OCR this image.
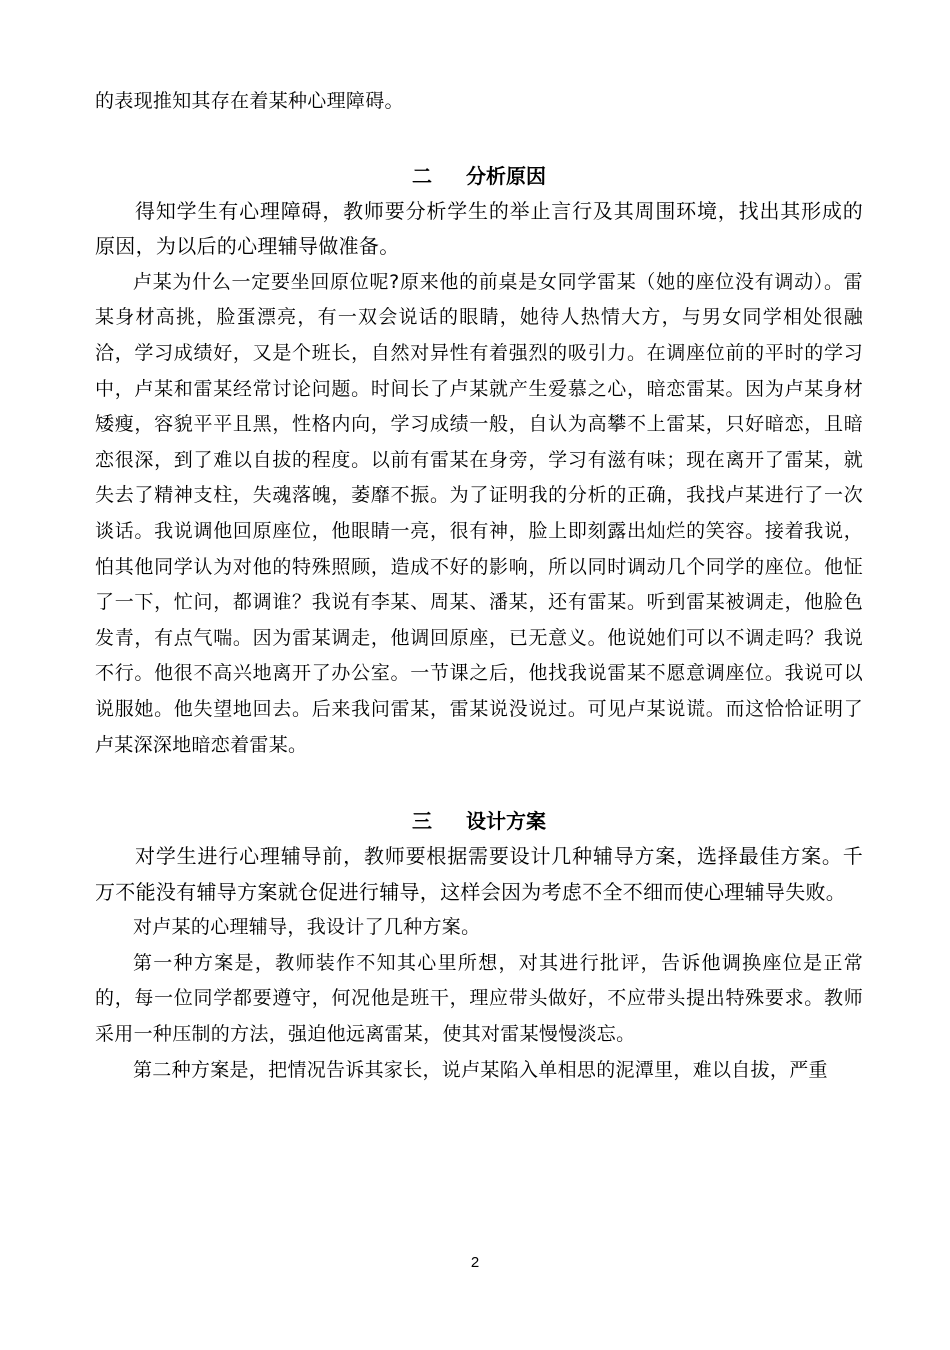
的表现推知其存在着某种心理障碍。

二 分析原因

得知学生有心理障碍，教师要分析学生的举止言行及其周围环境，找出其形成的原因，为以后的心理辅导做准备。

卢某为什么一定要坐回原位呢?原来他的前桌是女同学雷某（她的座位没有调动）。雷某身材高挑，脸蛋漂亮，有一双会说话的眼睛，她待人热情大方，与男女同学相处很融洽，学习成绩好，又是个班长，自然对异性有着强烈的吸引力。在调座位前的平时的学习中，卢某和雷某经常讨论问题。时间长了卢某就产生爱慕之心，暗恋雷某。因为卢某身材矮瘦，容貌平平且黑，性格内向，学习成绩一般，自认为高攀不上雷某，只好暗恋，且暗恋很深，到了难以自拔的程度。以前有雷某在身旁，学习有滋有味；现在离开了雷某，就失去了精神支柱，失魂落魄，萎靡不振。为了证明我的分析的正确，我找卢某进行了一次谈话。我说调他回原座位，他眼睛一亮，很有神，脸上即刻露出灿烂的笑容。接着我说，怕其他同学认为对他的特殊照顾，造成不好的影响，所以同时调动几个同学的座位。他怔了一下，忙问，都调谁？我说有李某、周某、潘某，还有雷某。听到雷某被调走，他脸色发青，有点气喘。因为雷某调走，他调回原座，已无意义。他说她们可以不调走吗？我说不行。他很不高兴地离开了办公室。一节课之后，他找我说雷某不愿意调座位。我说可以说服她。他失望地回去。后来我问雷某，雷某说没说过。可见卢某说谎。而这恰恰证明了卢某深深地暗恋着雷某。

三 设计方案

对学生进行心理辅导前，教师要根据需要设计几种辅导方案，选择最佳方案。千万不能没有辅导方案就仓促进行辅导，这样会因为考虑不全不细而使心理辅导失败。

对卢某的心理辅导，我设计了几种方案。

第一种方案是，教师装作不知其心里所想，对其进行批评，告诉他调换座位是正常的，每一位同学都要遵守，何况他是班干，理应带头做好，不应带头提出特殊要求。教师采用一种压制的方法，强迫他远离雷某，使其对雷某慢慢淡忘。

第二种方案是，把情况告诉其家长，说卢某陷入单相思的泥潭里，难以自拔，严重

2
